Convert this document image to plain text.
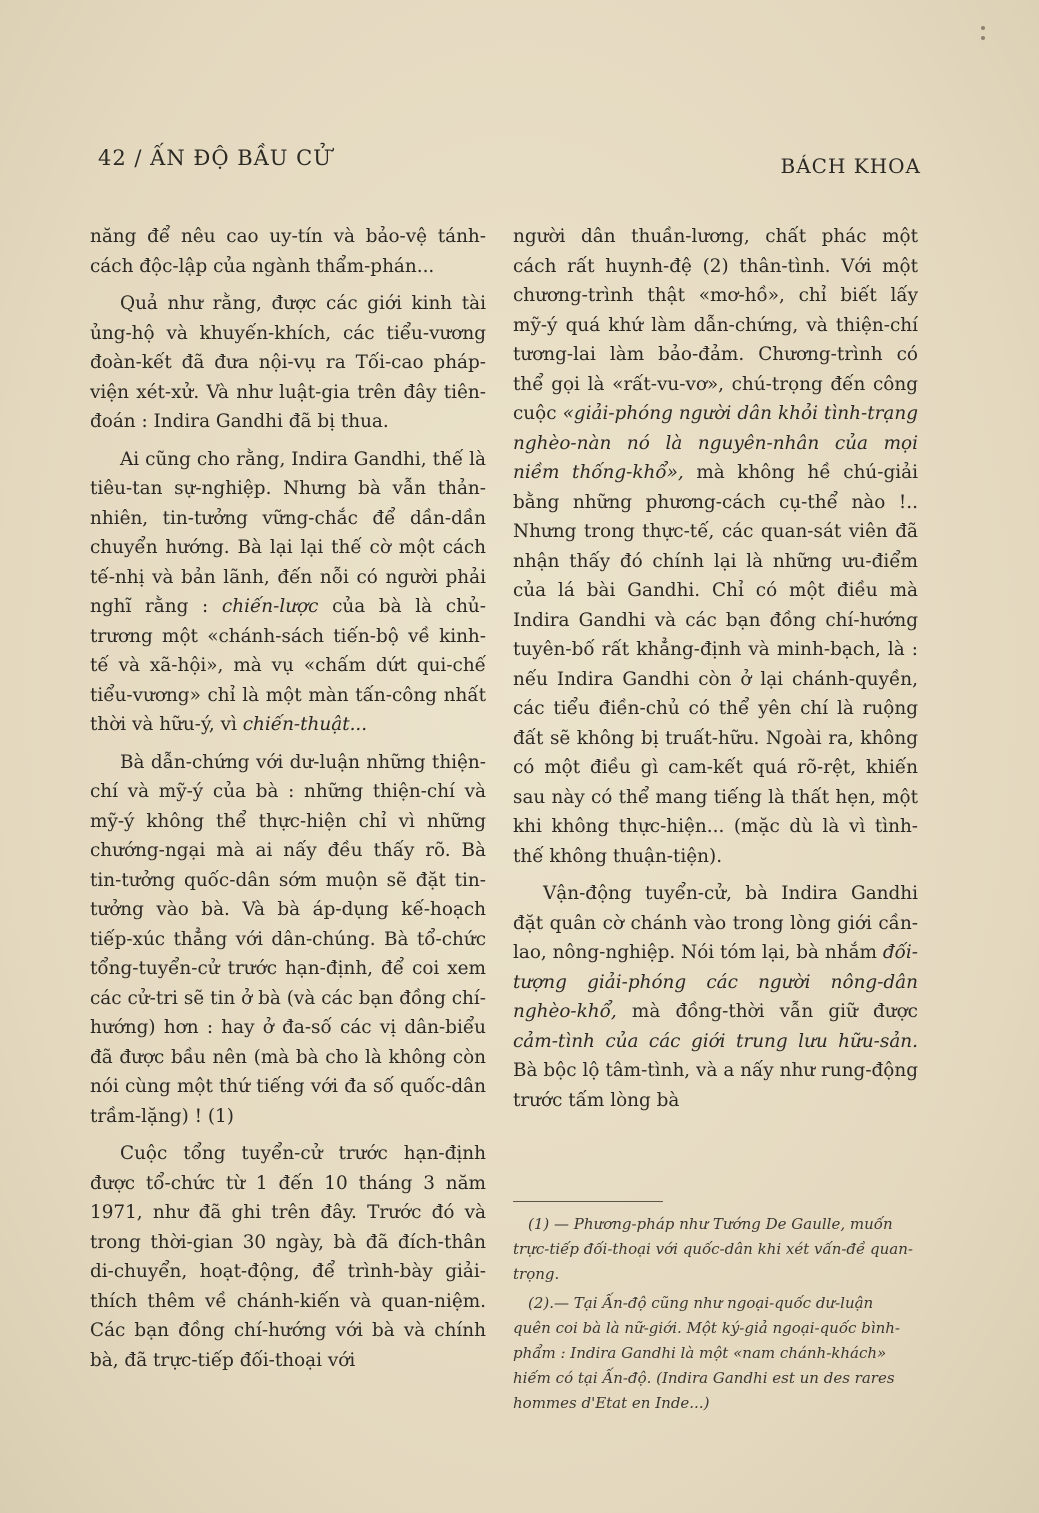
42 / ẤN ĐỘ BẦU CỬ	BÁCH KHOA

năng để nêu cao uy-tín và bảo-vệ tánh-cách độc-lập của ngành thẩm-phán...

Quả như rằng, được các giới kinh tài ủng-hộ và khuyến-khích, các tiểu-vương đoàn-kết đã đưa nội-vụ ra Tối-cao pháp-viện xét-xử. Và như luật-gia trên đây tiên-đoán : Indira Gandhi đã bị thua.

Ai cũng cho rằng, Indira Gandhi, thế là tiêu-tan sự-nghiệp. Nhưng bà vẫn thản-nhiên, tin-tưởng vững-chắc để dần-dần chuyển hướng. Bà lại lại thế cờ một cách tế-nhị và bản lãnh, đến nỗi có người phải nghĩ rằng : chiến-lược của bà là chủ-trương một «chánh-sách tiến-bộ về kinh-tế và xã-hội», mà vụ «chấm dứt qui-chế tiểu-vương» chỉ là một màn tấn-công nhất thời và hữu-ý, vì chiến-thuật...

Bà dẫn-chứng với dư-luận những thiện-chí và mỹ-ý của bà : những thiện-chí và mỹ-ý không thể thực-hiện chỉ vì những chướng-ngại mà ai nấy đều thấy rõ. Bà tin-tưởng quốc-dân sớm muộn sẽ đặt tin-tưởng vào bà. Và bà áp-dụng kế-hoạch tiếp-xúc thẳng với dân-chúng. Bà tổ-chức tổng-tuyển-cử trước hạn-định, để coi xem các cử-tri sẽ tin ở bà (và các bạn đồng chí-hướng) hơn : hay ở đa-số các vị dân-biểu đã được bầu nên (mà bà cho là không còn nói cùng một thứ tiếng với đa số quốc-dân trầm-lặng) ! (1)

Cuộc tổng tuyển-cử trước hạn-định được tổ-chức từ 1 đến 10 tháng 3 năm 1971, như đã ghi trên đây. Trước đó và trong thời-gian 30 ngày, bà đã đích-thân di-chuyển, hoạt-động, để trình-bày giải-thích thêm về chánh-kiến và quan-niệm. Các bạn đồng chí-hướng với bà và chính bà, đã trực-tiếp đối-thoại với

người dân thuần-lương, chất phác một cách rất huynh-đệ (2) thân-tình. Với một chương-trình thật «mơ-hồ», chỉ biết lấy mỹ-ý quá khứ làm dẫn-chứng, và thiện-chí tương-lai làm bảo-đảm. Chương-trình có thể gọi là «rất-vu-vơ», chú-trọng đến công cuộc «giải-phóng người dân khỏi tình-trạng nghèo-nàn nó là nguyên-nhân của mọi niềm thống-khổ», mà không hề chú-giải bằng những phương-cách cụ-thể nào !.. Nhưng trong thực-tế, các quan-sát viên đã nhận thấy đó chính lại là những ưu-điểm của lá bài Gandhi. Chỉ có một điều mà Indira Gandhi và các bạn đồng chí-hướng tuyên-bố rất khẳng-định và minh-bạch, là : nếu Indira Gandhi còn ở lại chánh-quyền, các tiểu điền-chủ có thể yên chí là ruộng đất sẽ không bị truất-hữu. Ngoài ra, không có một điều gì cam-kết quá rõ-rệt, khiến sau này có thể mang tiếng là thất hẹn, một khi không thực-hiện... (mặc dù là vì tình-thế không thuận-tiện).

Vận-động tuyển-cử, bà Indira Gandhi đặt quân cờ chánh vào trong lòng giới cần-lao, nông-nghiệp. Nói tóm lại, bà nhắm đối-tượng giải-phóng các người nông-dân nghèo-khổ, mà đồng-thời vẫn giữ được cảm-tình của các giới trung lưu hữu-sản. Bà bộc lộ tâm-tình, và a nấy như rung-động trước tấm lòng bà

(1) — Phương-pháp như Tướng De Gaulle, muốn trực-tiếp đối-thoại với quốc-dân khi xét vấn-đề quan-trọng.

(2).— Tại Ấn-độ cũng như ngoại-quốc dư-luận quên coi bà là nữ-giới. Một ký-giả ngoại-quốc bình-phẩm : Indira Gandhi là một «nam chánh-khách» hiếm có tại Ấn-độ. (Indira Gandhi est un des rares hommes d'Etat en Inde...)
